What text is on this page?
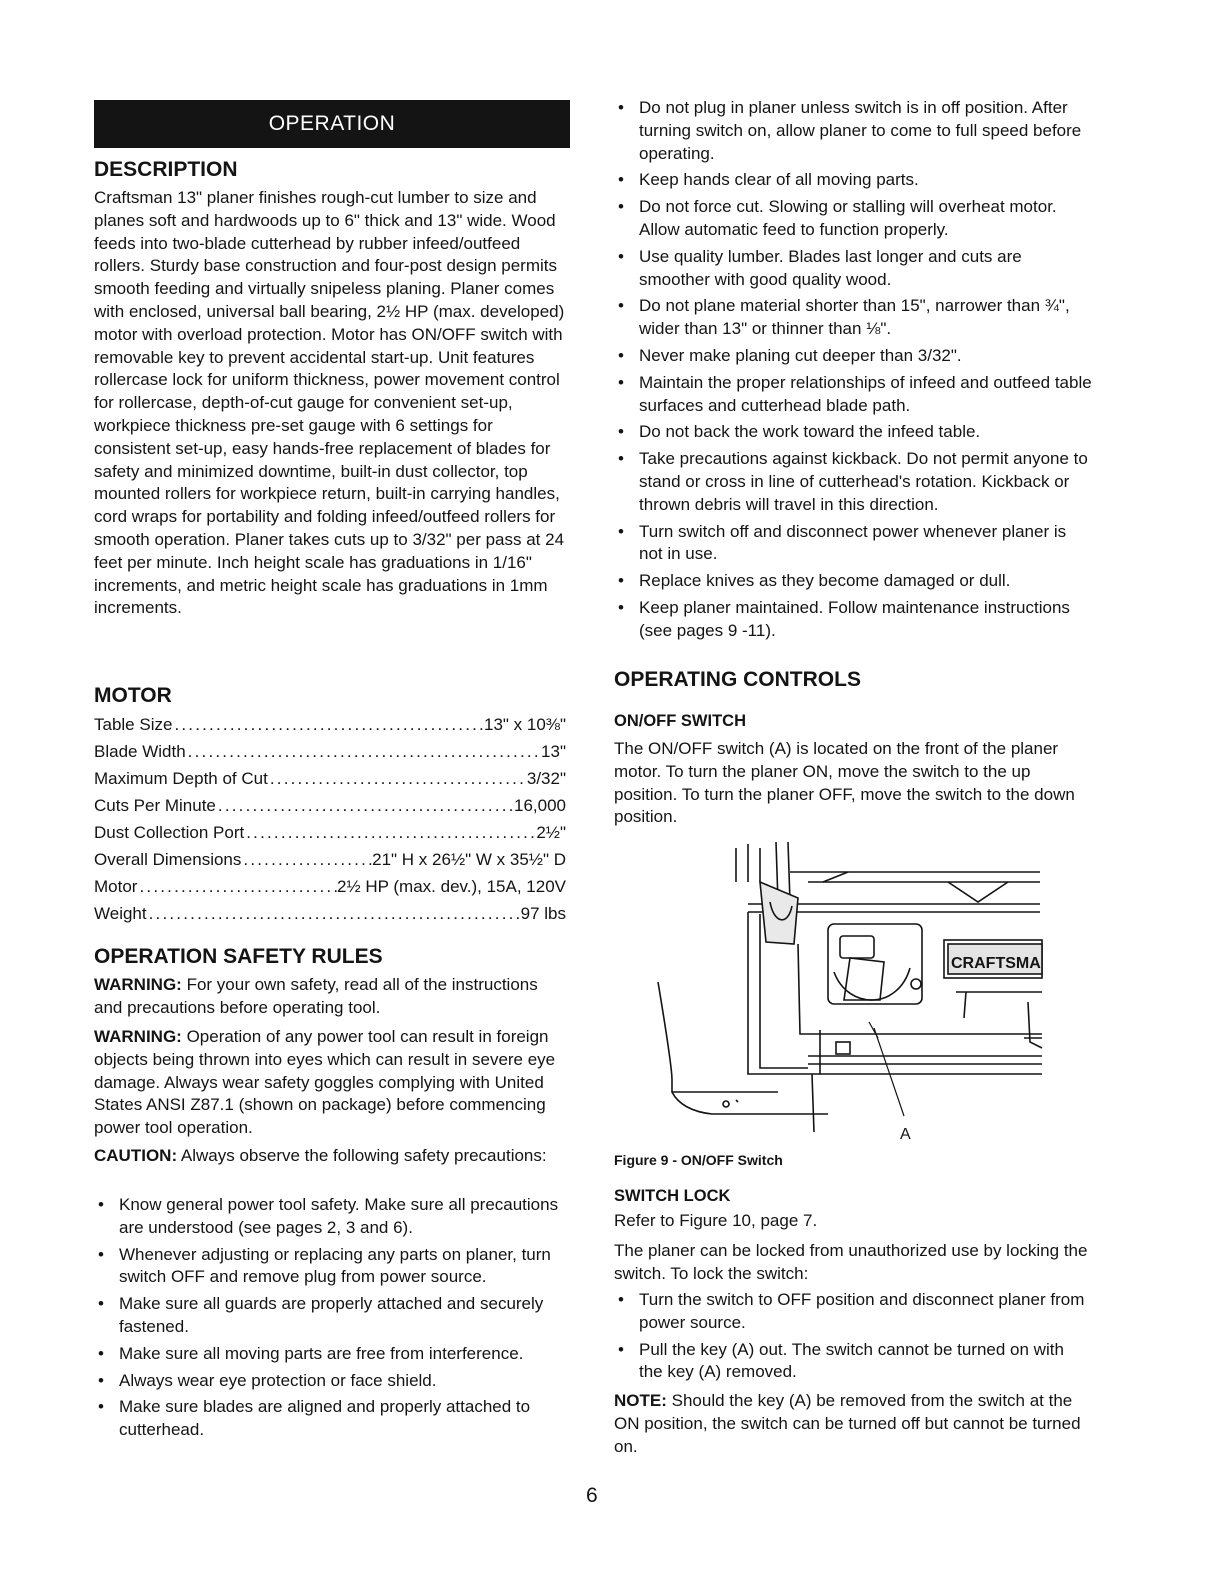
OPERATION
DESCRIPTION
Craftsman 13" planer finishes rough-cut lumber to size and planes soft and hardwoods up to 6" thick and 13" wide. Wood feeds into two-blade cutterhead by rubber infeed/outfeed rollers. Sturdy base construction and four-post design permits smooth feeding and virtually snipeless planing. Planer comes with enclosed, universal ball bearing, 2½ HP (max. developed) motor with overload protection. Motor has ON/OFF switch with removable key to prevent accidental start-up. Unit features rollercase lock for uniform thickness, power movement control for rollercase, depth-of-cut gauge for convenient set-up, workpiece thickness pre-set gauge with 6 settings for consistent set-up, easy hands-free replacement of blades for safety and minimized downtime, built-in dust collector, top mounted rollers for workpiece return, built-in carrying handles, cord wraps for portability and folding infeed/outfeed rollers for smooth operation. Planer takes cuts up to 3/32" per pass at 24 feet per minute. Inch height scale has graduations in 1/16" increments, and metric height scale has graduations in 1mm increments.
MOTOR
Table Size .....	13" x 10⅜"
Blade Width .....	13"
Maximum Depth of Cut .....	3/32"
Cuts Per Minute .....	16,000
Dust Collection Port .....	2½"
Overall Dimensions .....	21" H x 26½" W x 35½" D
Motor .....	2½ HP (max. dev.), 15A, 120V
Weight .....	97 lbs
OPERATION SAFETY RULES
WARNING: For your own safety, read all of the instructions and precautions before operating tool.
WARNING: Operation of any power tool can result in foreign objects being thrown into eyes which can result in severe eye damage. Always wear safety goggles complying with United States ANSI Z87.1 (shown on package) before commencing power tool operation.
CAUTION: Always observe the following safety precautions:
• Know general power tool safety. Make sure all precautions are understood (see pages 2, 3 and 6).
• Whenever adjusting or replacing any parts on planer, turn switch OFF and remove plug from power source.
• Make sure all guards are properly attached and securely fastened.
• Make sure all moving parts are free from interference.
• Always wear eye protection or face shield.
• Make sure blades are aligned and properly attached to cutterhead.
• Do not plug in planer unless switch is in off position. After turning switch on, allow planer to come to full speed before operating.
• Keep hands clear of all moving parts.
• Do not force cut. Slowing or stalling will overheat motor. Allow automatic feed to function properly.
• Use quality lumber. Blades last longer and cuts are smoother with good quality wood.
• Do not plane material shorter than 15", narrower than ¾", wider than 13" or thinner than ⅛".
• Never make planing cut deeper than 3/32".
• Maintain the proper relationships of infeed and outfeed table surfaces and cutterhead blade path.
• Do not back the work toward the infeed table.
• Take precautions against kickback. Do not permit anyone to stand or cross in line of cutterhead's rotation. Kickback or thrown debris will travel in this direction.
• Turn switch off and disconnect power whenever planer is not in use.
• Replace knives as they become damaged or dull.
• Keep planer maintained. Follow maintenance instructions (see pages 9 -11).
OPERATING CONTROLS
ON/OFF SWITCH
The ON/OFF switch (A) is located on the front of the planer motor. To turn the planer ON, move the switch to the up position. To turn the planer OFF, move the switch to the down position.
CRAFTSMA
A
Figure 9 - ON/OFF Switch
SWITCH LOCK
Refer to Figure 10, page 7.
The planer can be locked from unauthorized use by locking the switch. To lock the switch:
• Turn the switch to OFF position and disconnect planer from power source.
• Pull the key (A) out. The switch cannot be turned on with the key (A) removed.
NOTE: Should the key (A) be removed from the switch at the ON position, the switch can be turned off but cannot be turned on.
6
